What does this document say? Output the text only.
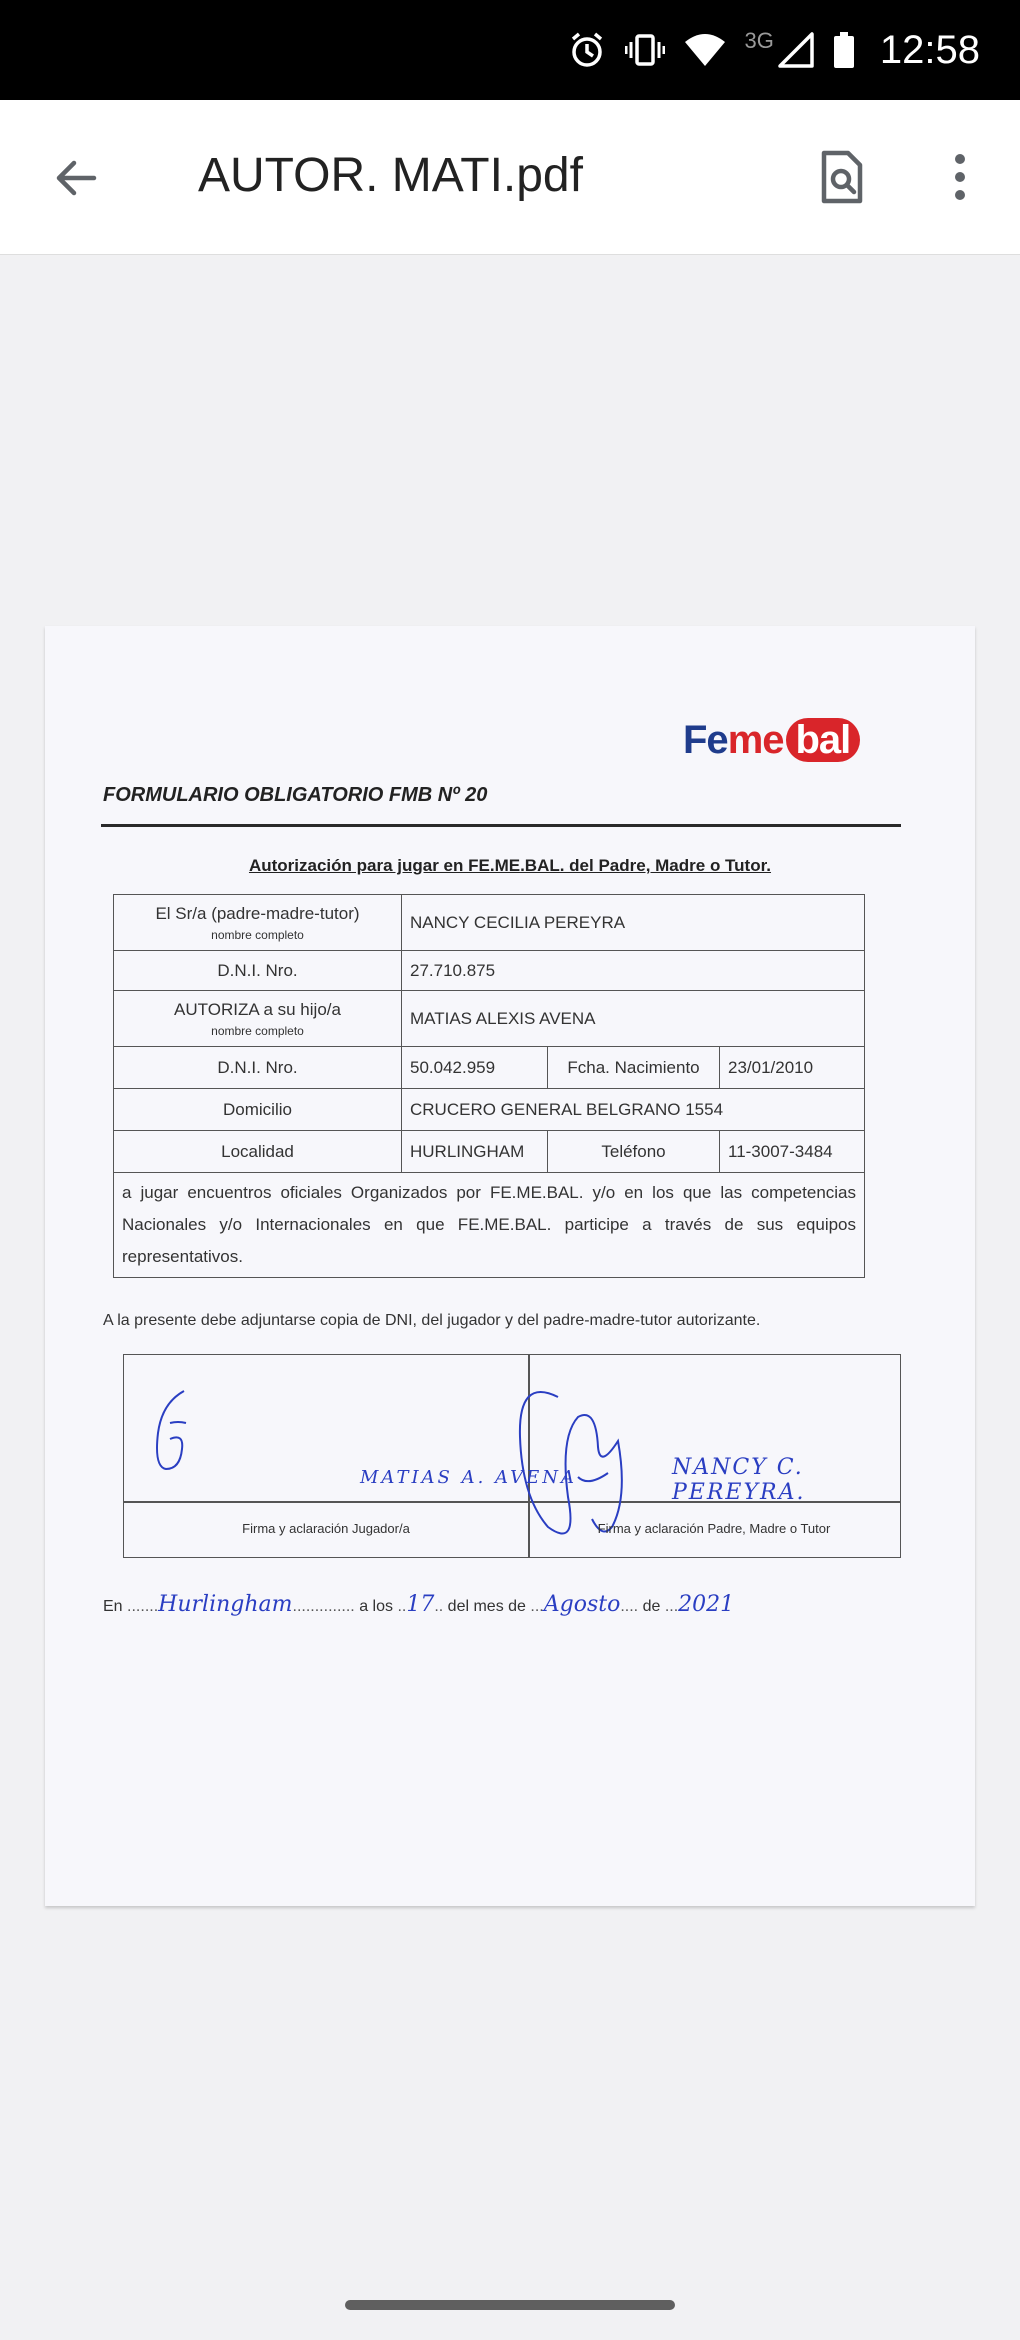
3G	12:58
AUTOR. MATI.pdf
Feme bal
FORMULARIO OBLIGATORIO FMB Nº 20
Autorización para jugar en FE.ME.BAL. del Padre, Madre o Tutor.
El Sr/a (padre-madre-tutor)
nombre completo	NANCY CECILIA PEREYRA		
D.N.I. Nro.	27.710.875		

AUTORIZA a su hijo/a
nombre completo	MATIAS ALEXIS AVENA		
D.N.I. Nro.	50.042.959	Fcha. Nacimiento	23/01/2010
Domicilio	CRUCERO GENERAL BELGRANO 1554		
Localidad	HURLINGHAM	Teléfono	11-3007-3484
a jugar encuentros oficiales Organizados por FE.ME.BAL. y/o en los que las competencias Nacionales y/o Internacionales en que FE.ME.BAL. participe a través de sus equipos representativos.			
A la presente debe adjuntarse copia de DNI, del jugador y del padre-madre-tutor autorizante.
MATIAS A. AVENA	NANCY C. PEREYRA.
Firma y aclaración Jugador/a	Firma y aclaración Padre, Madre o Tutor
En .......Hurlingham.............. a los ..17.. del mes de ...Agosto.... de ...2021
